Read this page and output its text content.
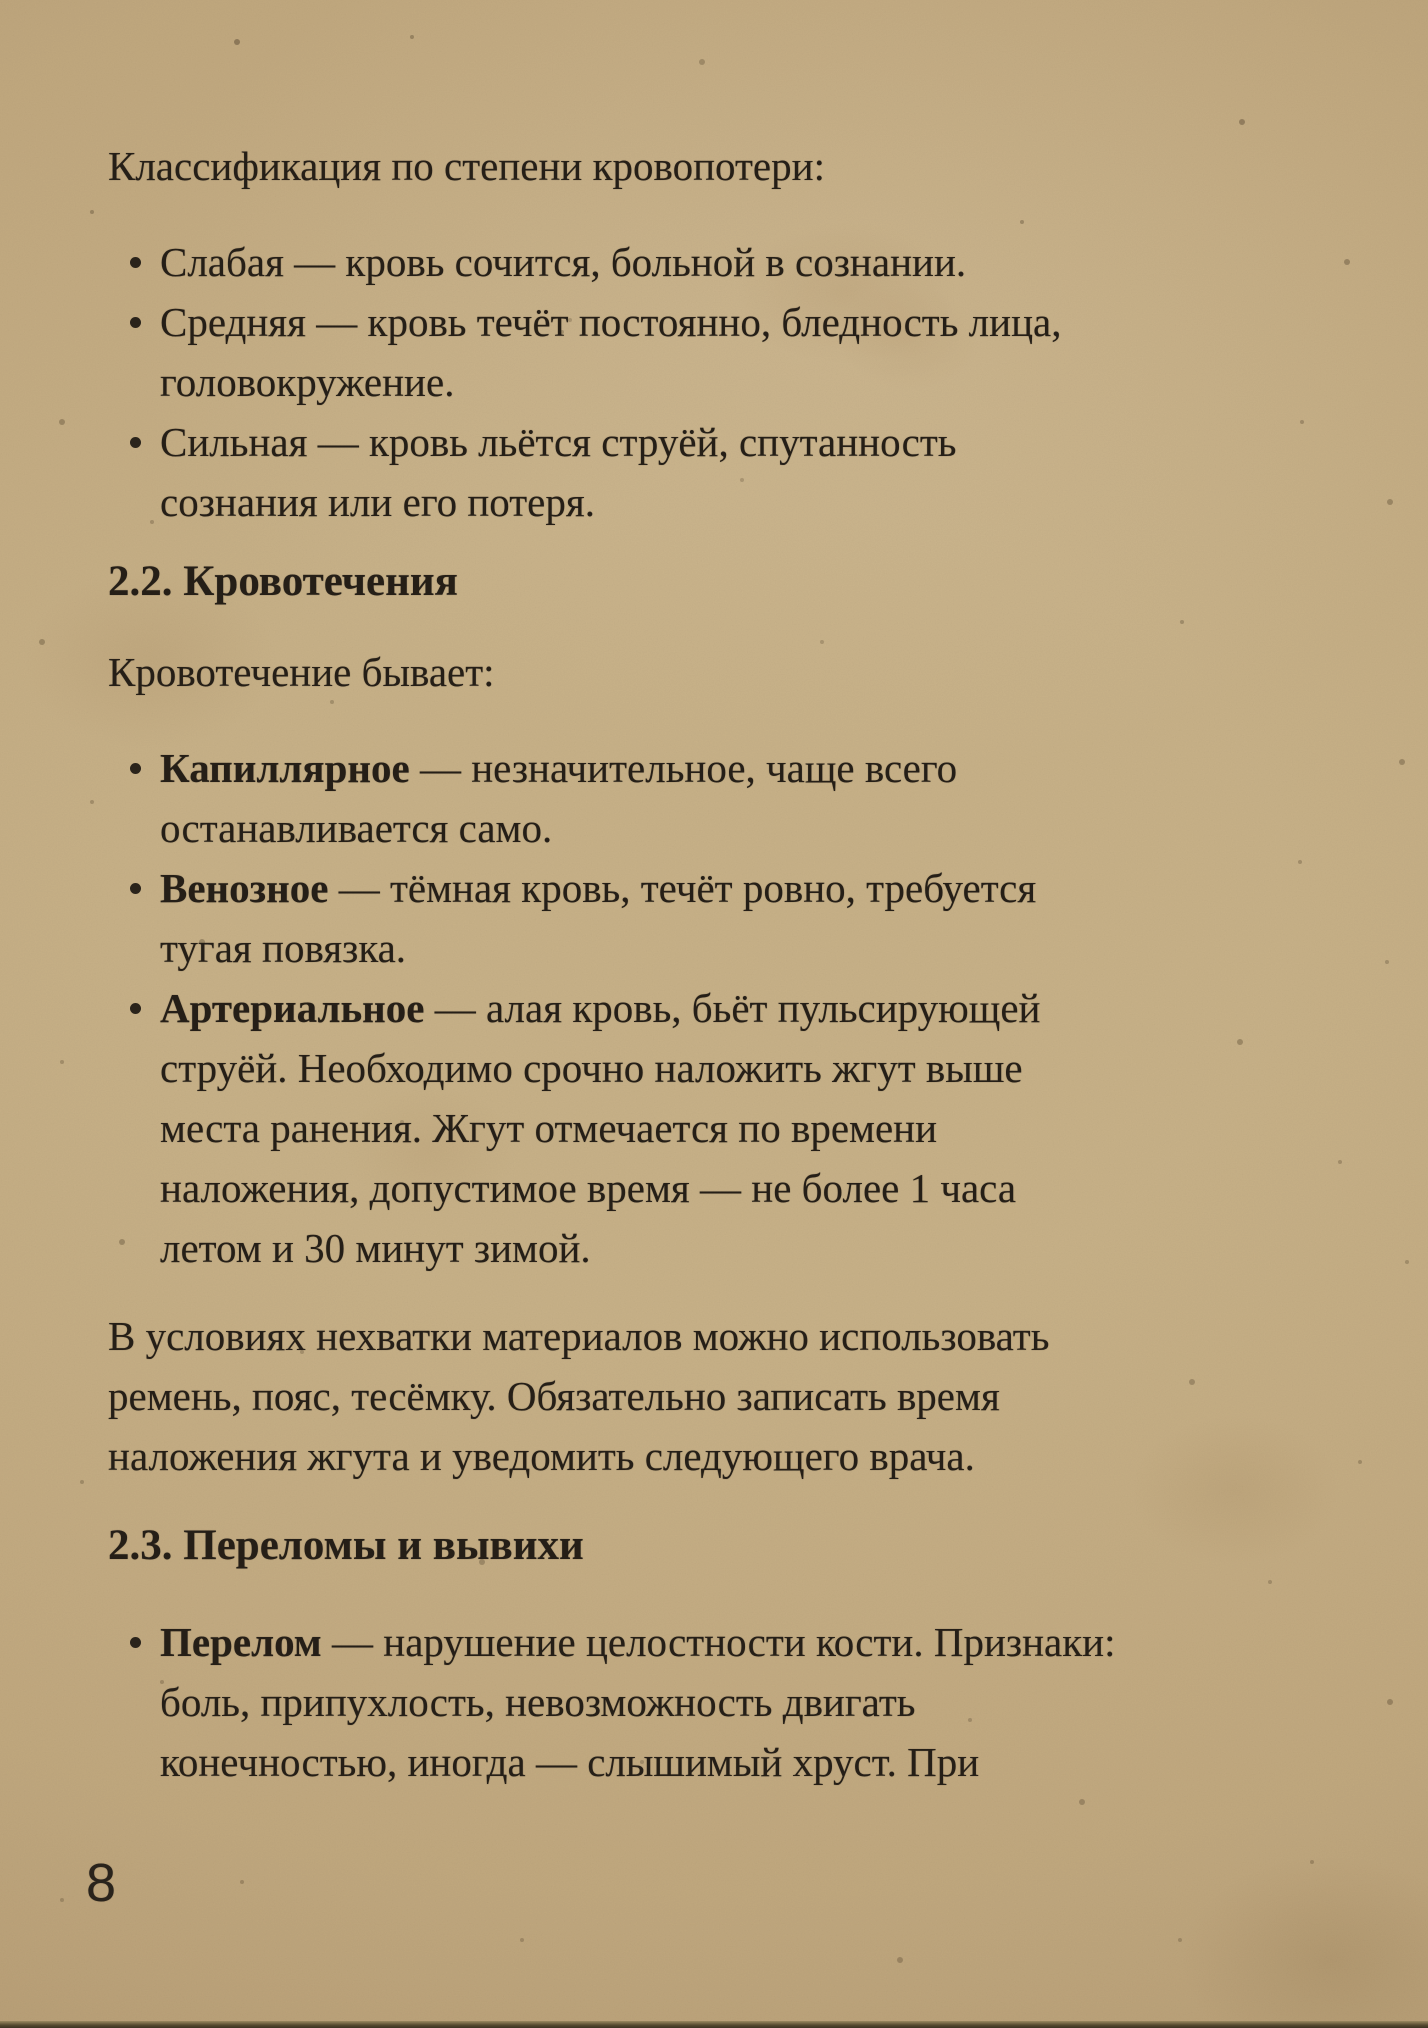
Классификация по степени кровопотери:

Слабая — кровь сочится, больной в сознании.
Средняя — кровь течёт постоянно, бледность лица,
головокружение.
Сильная — кровь льётся струёй, спутанность
сознания или его потеря.
2.2. Кровотечения

Кровотечение бывает:

Капиллярное — незначительное, чаще всего
останавливается само.
Венозное — тёмная кровь, течёт ровно, требуется
тугая повязка.
Артериальное — алая кровь, бьёт пульсирующей
струёй. Необходимо срочно наложить жгут выше
места ранения. Жгут отмечается по времени
наложения, допустимое время — не более 1 часа
летом и 30 минут зимой.

В условиях нехватки материалов можно использовать
ремень, пояс, тесёмку. Обязательно записать время
наложения жгута и уведомить следующего врача.

2.3. Переломы и вывихи
Перелом — нарушение целостности кости. Признаки:
боль, припухлость, невозможность двигать
конечностью, иногда — слышимый хруст. При
8
